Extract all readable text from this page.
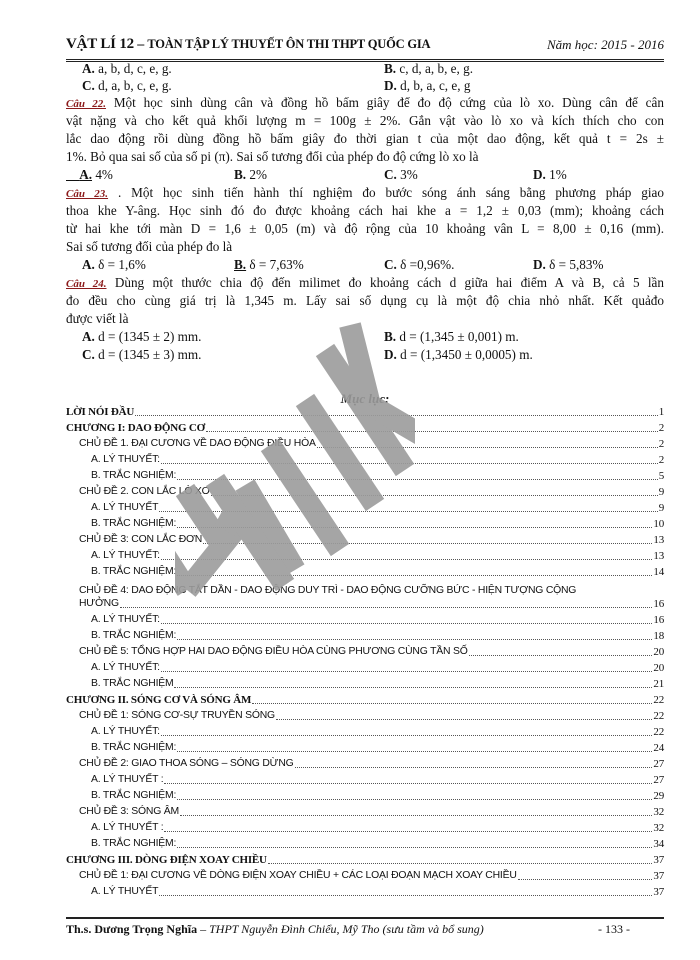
VẬT LÍ 12 – TOÀN TẬP LÝ THUYẾT ÔN THI THPT QUỐC GIA	Năm học: 2015 - 2016
A. a, b, d, c, e, g.	B. c, d, a, b, e, g.
C. d, a, b, c, e, g.	D. d, b, a, c, e, g
Câu 22. Một học sinh dùng cân và đồng hồ bấm giây để đo độ cứng của lò xo. Dùng cân để cân
vật nặng và cho kết quả khối lượng m = 100g ± 2%. Gắn vật vào lò xo và kích thích cho con
lắc dao động rồi dùng đồng hồ bấm giây đo thời gian t của một dao động, kết quả t = 2s ±
1%. Bỏ qua sai số của số pi (π). Sai số tương đối của phép đo độ cứng lò xo là
A. 4%	B. 2%	C. 3%	D. 1%
Câu 23. . Một học sinh tiến hành thí nghiệm đo bước sóng ánh sáng bằng phương pháp giao
thoa khe Y-âng. Học sinh đó đo được khoảng cách hai khe a = 1,2 ± 0,03 (mm); khoảng cách
từ hai khe tới màn D = 1,6 ± 0,05 (m) và độ rộng của 10 khoảng vân L = 8,00 ± 0,16 (mm).
Sai số tương đối của phép đo là
A. δ = 1,6%	B. δ = 7,63%	C. δ =0,96%.	D. δ = 5,83%
Câu 24. Dùng một thước chia độ đến milimet đo khoảng cách d giữa hai điểm A và B, cả 5 lần
đo đều cho cùng giá trị là 1,345 m. Lấy sai số dụng cụ là một độ chia nhỏ nhất. Kết quảđo
được viết là
A. d = (1345 ± 2) mm.	B. d = (1,345 ± 0,001) m.
C. d = (1345 ± 3) mm.	D. d = (1,3450 ± 0,0005) m.
Mục lục:
LỜI NÓI ĐẦU	1
CHƯƠNG I: DAO ĐỘNG CƠ	2
CHỦ ĐỀ 1. ĐẠI CƯƠNG VỀ DAO ĐỘNG ĐIỀU HÒA	2
A. LÝ THUYẾT:	2
B. TRẮC NGHIỆM:	5
CHỦ ĐỀ 2. CON LẮC LÒ XO	9
A. LÝ THUYẾT	9
B. TRẮC NGHIỆM:	10
CHỦ ĐỀ 3: CON LẮC ĐƠN	13
A. LÝ THUYẾT:	13
B. TRẮC NGHIỆM:	14
CHỦ ĐỀ 4: DAO ĐỘNG TẮT DẦN - DAO ĐỘNG DUY TRÌ - DAO ĐỘNG CƯỠNG BỨC - HIỆN TƯỢNG CỘNG
HƯỞNG	16
A. LÝ THUYẾT:	16
B. TRẮC NGHIỆM:	18
CHỦ ĐỀ 5: TỔNG HỢP HAI DAO ĐỘNG ĐIỀU HÒA CÙNG PHƯƠNG CÙNG TẦN SỐ	20
A. LÝ THUYẾT:	20
B. TRẮC NGHIỆM	21
CHƯƠNG II. SÓNG CƠ VÀ SÓNG ÂM	22
CHỦ ĐỀ 1: SÓNG CƠ-SỰ TRUYỀN SÓNG	22
A. LÝ THUYẾT:	22
B. TRẮC NGHIỆM:	24
CHỦ ĐỀ 2: GIAO THOA SÓNG – SÓNG DỪNG	27
A. LÝ THUYẾT :	27
B. TRẮC NGHIỆM:	29
CHỦ ĐỀ 3: SÓNG ÂM	32
A. LÝ THUYẾT :	32
B. TRẮC NGHIỆM:	34
CHƯƠNG III. DÒNG ĐIỆN XOAY CHIỀU	37
CHỦ ĐỀ 1: ĐẠI CƯƠNG VỀ DÒNG ĐIỆN XOAY CHIỀU + CÁC LOẠI ĐOẠN MẠCH XOAY CHIỀU	37
A. LÝ THUYẾT	37
Th.s. Dương Trọng Nghĩa – THPT Nguyễn Đình Chiểu, Mỹ Tho (sưu tầm và bổ sung)	- 133 -
